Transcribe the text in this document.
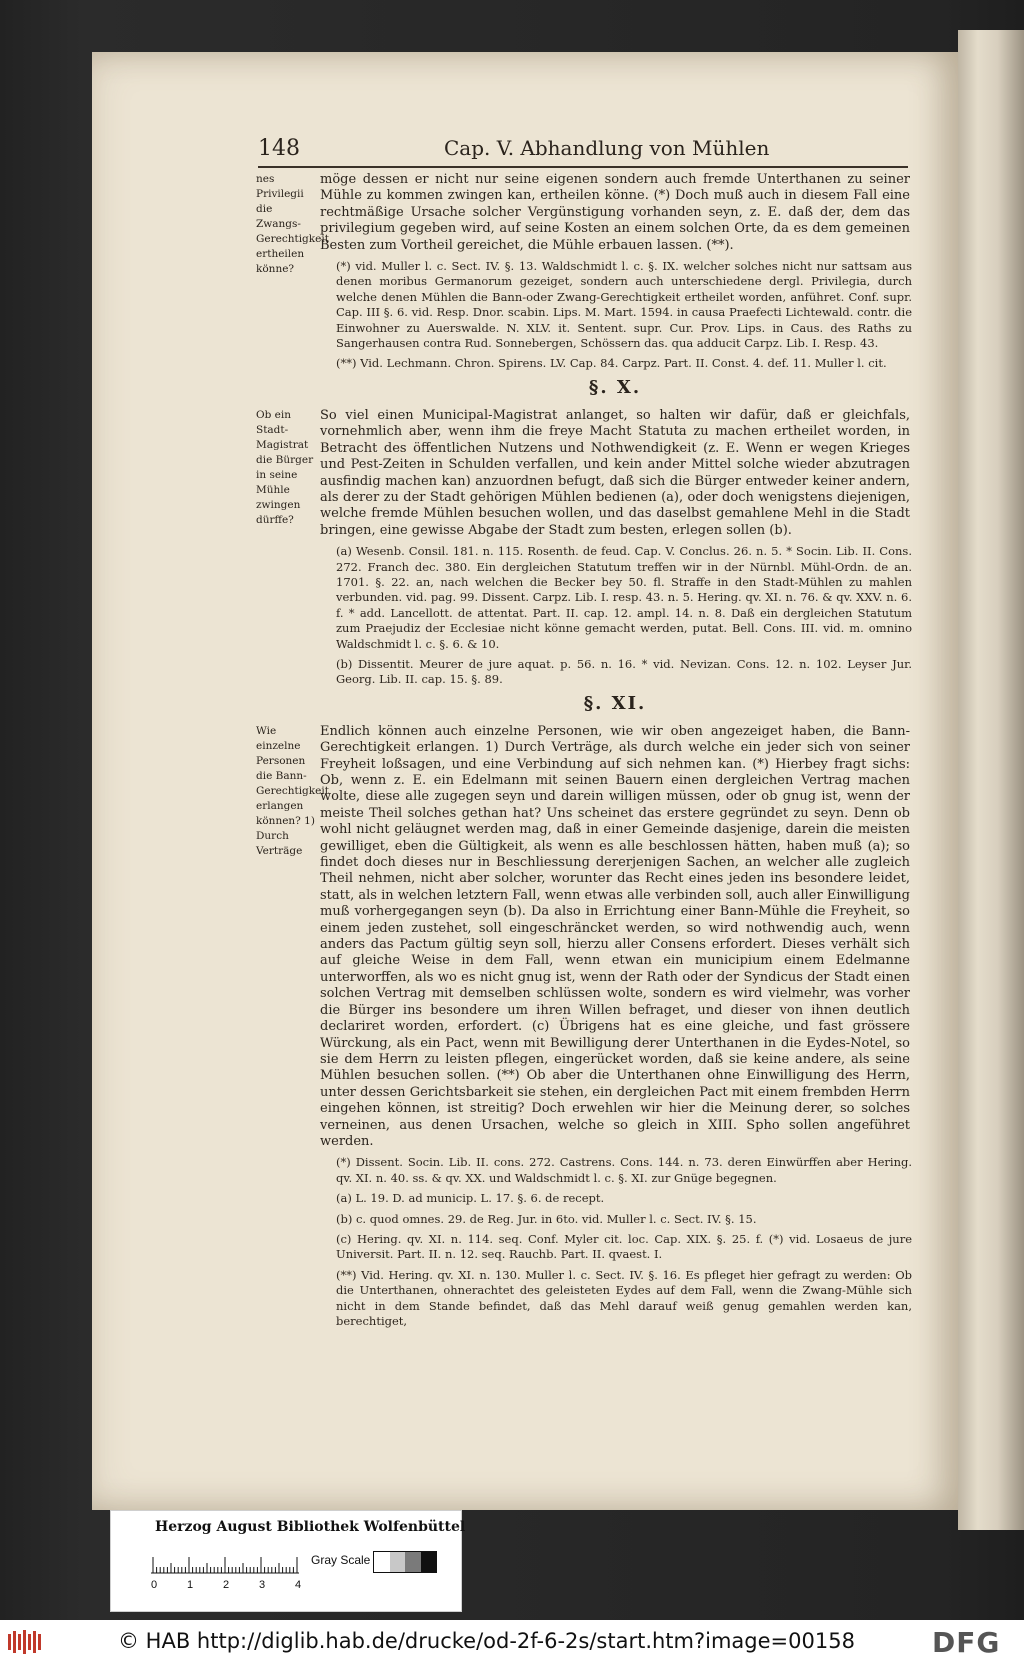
148	Cap. V. Abhandlung von Mühlen
nes Privilegii die Zwangs-Gerechtigkeit ertheilen könne?
möge dessen er nicht nur seine eigenen sondern auch fremde Unterthanen zu seiner Mühle zu kommen zwingen kan, ertheilen könne. (*) Doch muß auch in diesem Fall eine rechtmäßige Ursache solcher Vergünstigung vorhanden seyn, z. E. daß der, dem das privilegium gegeben wird, auf seine Kosten an einem solchen Orte, da es dem gemeinen Besten zum Vortheil gereichet, die Mühle erbauen lassen. (**).
(*) vid. Muller l. c. Sect. IV. §. 13. Waldschmidt l. c. §. IX. welcher solches nicht nur sattsam aus denen moribus Germanorum gezeiget, sondern auch unterschiedene dergl. Privilegia, durch welche denen Mühlen die Bann-oder Zwang-Gerechtigkeit ertheilet worden, anführet. Conf. supr. Cap. III §. 6. vid. Resp. Dnor. scabin. Lips. M. Mart. 1594. in causa Praefecti Lichtewald. contr. die Einwohner zu Auerswalde. N. XLV. it. Sentent. supr. Cur. Prov. Lips. in Caus. des Raths zu Sangerhausen contra Rud. Sonnebergen, Schössern das. qua adducit Carpz. Lib. I. Resp. 43.
(**) Vid. Lechmann. Chron. Spirens. LV. Cap. 84. Carpz. Part. II. Const. 4. def. 11. Muller l. cit.
§. X.
Ob ein Stadt-Magistrat die Bürger in seine Mühle zwingen dürffe?
So viel einen Municipal-Magistrat anlanget, so halten wir dafür, daß er gleichfals, vornehmlich aber, wenn ihm die freye Macht Statuta zu machen ertheilet worden, in Betracht des öffentlichen Nutzens und Nothwendigkeit (z. E. Wenn er wegen Krieges und Pest-Zeiten in Schulden verfallen, und kein ander Mittel solche wieder abzutragen ausfindig machen kan) anzuordnen befugt, daß sich die Bürger entweder keiner andern, als derer zu der Stadt gehörigen Mühlen bedienen (a), oder doch wenigstens diejenigen, welche fremde Mühlen besuchen wollen, und das daselbst gemahlene Mehl in die Stadt bringen, eine gewisse Abgabe der Stadt zum besten, erlegen sollen (b).
(a) Wesenb. Consil. 181. n. 115. Rosenth. de feud. Cap. V. Conclus. 26. n. 5. * Socin. Lib. II. Cons. 272. Franch dec. 380. Ein dergleichen Statutum treffen wir in der Nürnbl. Mühl-Ordn. de an. 1701. §. 22. an, nach welchen die Becker bey 50. fl. Straffe in den Stadt-Mühlen zu mahlen verbunden. vid. pag. 99. Dissent. Carpz. Lib. I. resp. 43. n. 5. Hering. qv. XI. n. 76. & qv. XXV. n. 6. f. * add. Lancellott. de attentat. Part. II. cap. 12. ampl. 14. n. 8. Daß ein dergleichen Statutum zum Praejudiz der Ecclesiae nicht könne gemacht werden, putat. Bell. Cons. III. vid. m. omnino Waldschmidt l. c. §. 6. & 10.
(b) Dissentit. Meurer de jure aquat. p. 56. n. 16. * vid. Nevizan. Cons. 12. n. 102. Leyser Jur. Georg. Lib. II. cap. 15. §. 89.
§. XI.
Wie einzelne Personen die Bann-Gerechtigkeit erlangen können? 1) Durch Verträge
Endlich können auch einzelne Personen, wie wir oben angezeiget haben, die Bann-Gerechtigkeit erlangen. 1) Durch Verträge, als durch welche ein jeder sich von seiner Freyheit loßsagen, und eine Verbindung auf sich nehmen kan. (*) Hierbey fragt sichs: Ob, wenn z. E. ein Edelmann mit seinen Bauern einen dergleichen Vertrag machen wolte, diese alle zugegen seyn und darein willigen müssen, oder ob gnug ist, wenn der meiste Theil solches gethan hat? Uns scheinet das erstere gegründet zu seyn. Denn ob wohl nicht geläugnet werden mag, daß in einer Gemeinde dasjenige, darein die meisten gewilliget, eben die Gültigkeit, als wenn es alle beschlossen hätten, haben muß (a); so findet doch dieses nur in Beschliessung dererjenigen Sachen, an welcher alle zugleich Theil nehmen, nicht aber solcher, worunter das Recht eines jeden ins besondere leidet, statt, als in welchen letztern Fall, wenn etwas alle verbinden soll, auch aller Einwilligung muß vorhergegangen seyn (b). Da also in Errichtung einer Bann-Mühle die Freyheit, so einem jeden zustehet, soll eingeschräncket werden, so wird nothwendig auch, wenn anders das Pactum gültig seyn soll, hierzu aller Consens erfordert. Dieses verhält sich auf gleiche Weise in dem Fall, wenn etwan ein municipium einem Edelmanne unterworffen, als wo es nicht gnug ist, wenn der Rath oder der Syndicus der Stadt einen solchen Vertrag mit demselben schlüssen wolte, sondern es wird vielmehr, was vorher die Bürger ins besondere um ihren Willen befraget, und dieser von ihnen deutlich declariret worden, erfordert. (c) Übrigens hat es eine gleiche, und fast grössere Würckung, als ein Pact, wenn mit Bewilligung derer Unterthanen in die Eydes-Notel, so sie dem Herrn zu leisten pflegen, eingerücket worden, daß sie keine andere, als seine Mühlen besuchen sollen. (**) Ob aber die Unterthanen ohne Einwilligung des Herrn, unter dessen Gerichtsbarkeit sie stehen, ein dergleichen Pact mit einem frembden Herrn eingehen können, ist streitig? Doch erwehlen wir hier die Meinung derer, so solches verneinen, aus denen Ursachen, welche so gleich in XIII. Spho sollen angeführet werden.
(*) Dissent. Socin. Lib. II. cons. 272. Castrens. Cons. 144. n. 73. deren Einwürffen aber Hering. qv. XI. n. 40. ss. & qv. XX. und Waldschmidt l. c. §. XI. zur Gnüge begegnen.
(a) L. 19. D. ad municip. L. 17. §. 6. de recept.
(b) c. quod omnes. 29. de Reg. Jur. in 6to. vid. Muller l. c. Sect. IV. §. 15.
(c) Hering. qv. XI. n. 114. seq. Conf. Myler cit. loc. Cap. XIX. §. 25. f. (*) vid. Losaeus de jure Universit. Part. II. n. 12. seq. Rauchb. Part. II. qvaest. I.
(**) Vid. Hering. qv. XI. n. 130. Muller l. c. Sect. IV. §. 16. Es pfleget hier gefragt zu werden: Ob die Unterthanen, ohnerachtet des geleisteten Eydes auf dem Fall, wenn die Zwang-Mühle sich nicht in dem Stande befindet, daß das Mehl darauf weiß genug gemahlen werden kan, berechtiget,
Herzog August Bibliothek Wolfenbüttel
Gray Scale
0	1	2	3	4
© HAB http://diglib.hab.de/drucke/od-2f-6-2s/start.htm?image=00158	DFG
